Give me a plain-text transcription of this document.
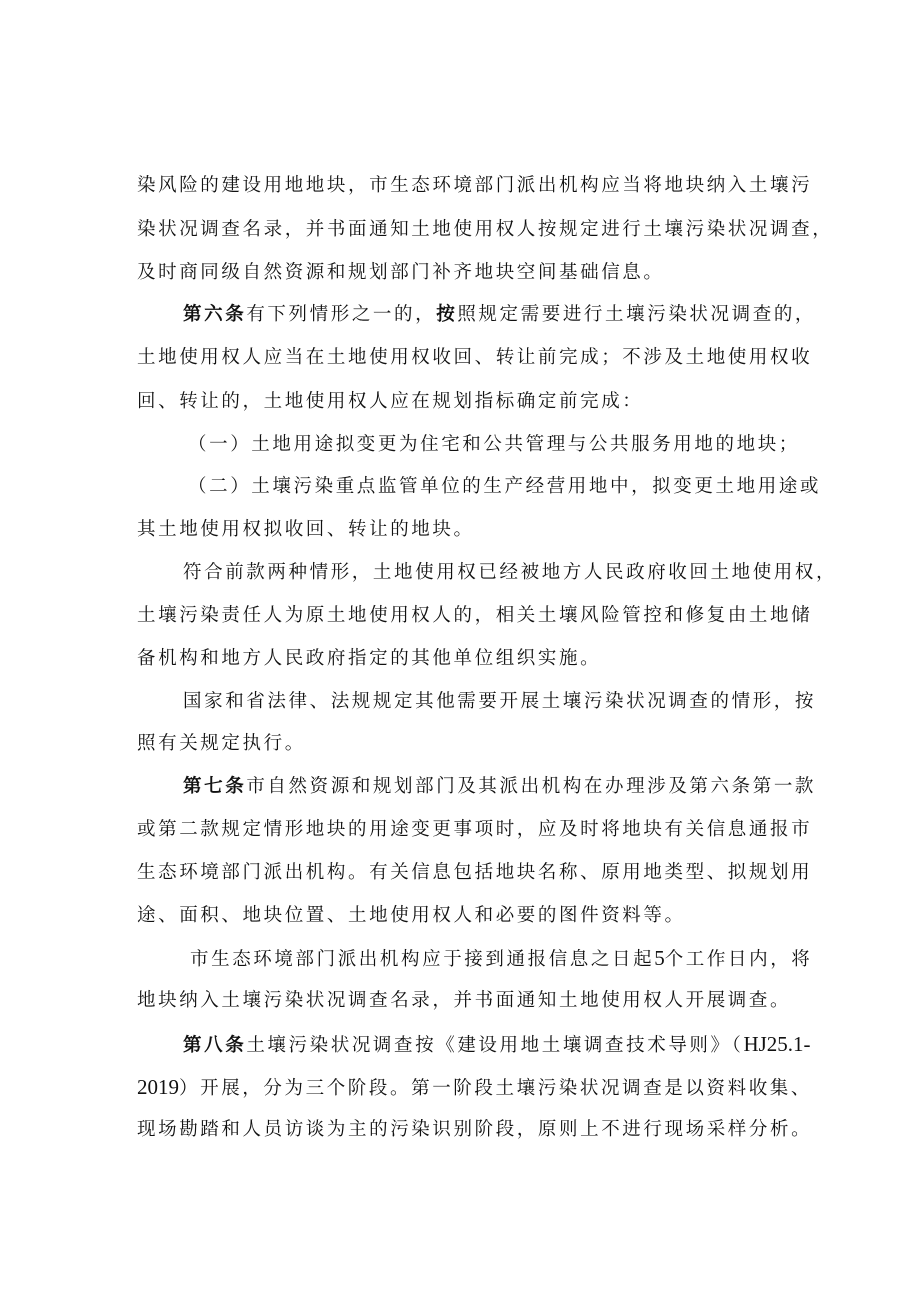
染风险的建设用地地块，市生态环境部门派出机构应当将地块纳入土壤污
染状况调查名录，并书面通知土地使用权人按规定进行土壤污染状况调查，
及时商同级自然资源和规划部门补齐地块空间基础信息。
第六条有下列情形之一的，按照规定需要进行土壤污染状况调查的，
土地使用权人应当在土地使用权收回、转让前完成；不涉及土地使用权收
回、转让的，土地使用权人应在规划指标确定前完成：
（一）土地用途拟变更为住宅和公共管理与公共服务用地的地块；
（二）土壤污染重点监管单位的生产经营用地中，拟变更土地用途或
其土地使用权拟收回、转让的地块。
符合前款两种情形，土地使用权已经被地方人民政府收回土地使用权，
土壤污染责任人为原土地使用权人的，相关土壤风险管控和修复由土地储
备机构和地方人民政府指定的其他单位组织实施。
国家和省法律、法规规定其他需要开展土壤污染状况调查的情形，按
照有关规定执行。
第七条市自然资源和规划部门及其派出机构在办理涉及第六条第一款
或第二款规定情形地块的用途变更事项时，应及时将地块有关信息通报市
生态环境部门派出机构。有关信息包括地块名称、原用地类型、拟规划用
途、面积、地块位置、土地使用权人和必要的图件资料等。
市生态环境部门派出机构应于接到通报信息之日起5个工作日内，将
地块纳入土壤污染状况调查名录，并书面通知土地使用权人开展调查。
第八条土壤污染状况调查按《建设用地土壤调查技术导则》（HJ25.1-
2019）开展，分为三个阶段。第一阶段土壤污染状况调查是以资料收集、
现场勘踏和人员访谈为主的污染识别阶段，原则上不进行现场采样分析。
